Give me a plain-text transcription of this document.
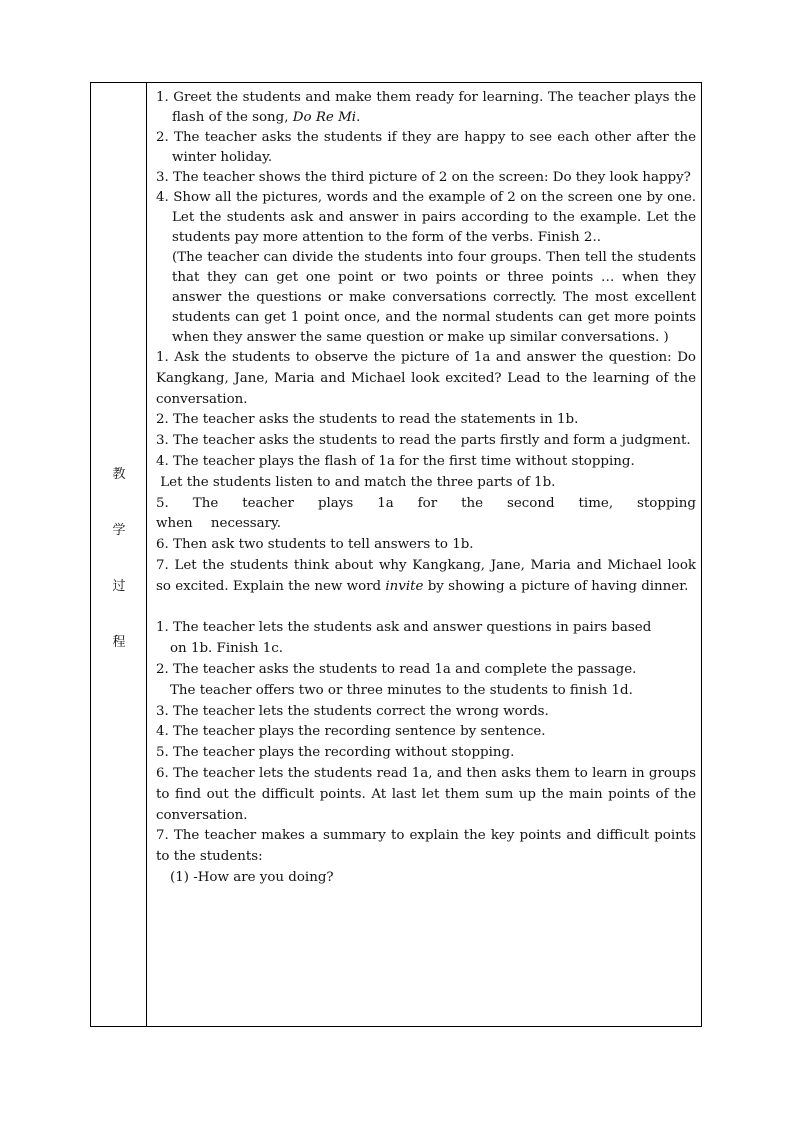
教
学
过
程

1. Greet the students and make them ready for learning. The teacher plays the flash of the song, Do Re Mi.

2. The teacher asks the students if they are happy to see each other after the winter holiday.

3. The teacher shows the third picture of 2 on the screen: Do they look happy?

4. Show all the pictures, words and the example of 2 on the screen one by one. Let the students ask and answer in pairs according to the example. Let the students pay more attention to the form of the verbs. Finish 2..

(The teacher can divide the students into four groups. Then tell the students that they can get one point or two points or three points … when they answer the questions or make conversations correctly. The most excellent students can get 1 point once, and the normal students can get more points when they answer the same question or make up similar conversations. )

1. Ask the students to observe the picture of 1a and answer the question: Do Kangkang, Jane, Maria and Michael look excited? Lead to the learning of the conversation.

2. The teacher asks the students to read the statements in 1b.

3. The teacher asks the students to read the parts firstly and form a judgment.

4. The teacher plays the flash of 1a for the first time without stopping.

Let the students listen to and match the three parts of 1b.

5. The teacher plays 1a for the second time, stopping when necessary.

6. Then ask two students to tell answers to 1b.

7. Let the students think about why Kangkang, Jane, Maria and Michael look so excited. Explain the new word invite by showing a picture of having dinner.

1. The teacher lets the students ask and answer questions in pairs based

on 1b. Finish 1c.

2. The teacher asks the students to read 1a and complete the passage.

The teacher offers two or three minutes to the students to finish 1d.

3. The teacher lets the students correct the wrong words.

4. The teacher plays the recording sentence by sentence.

5. The teacher plays the recording without stopping.

6. The teacher lets the students read 1a, and then asks them to learn in groups to find out the difficult points. At last let them sum up the main points of the conversation.

7. The teacher makes a summary to explain the key points and difficult points to the students:

(1) -How are you doing?
